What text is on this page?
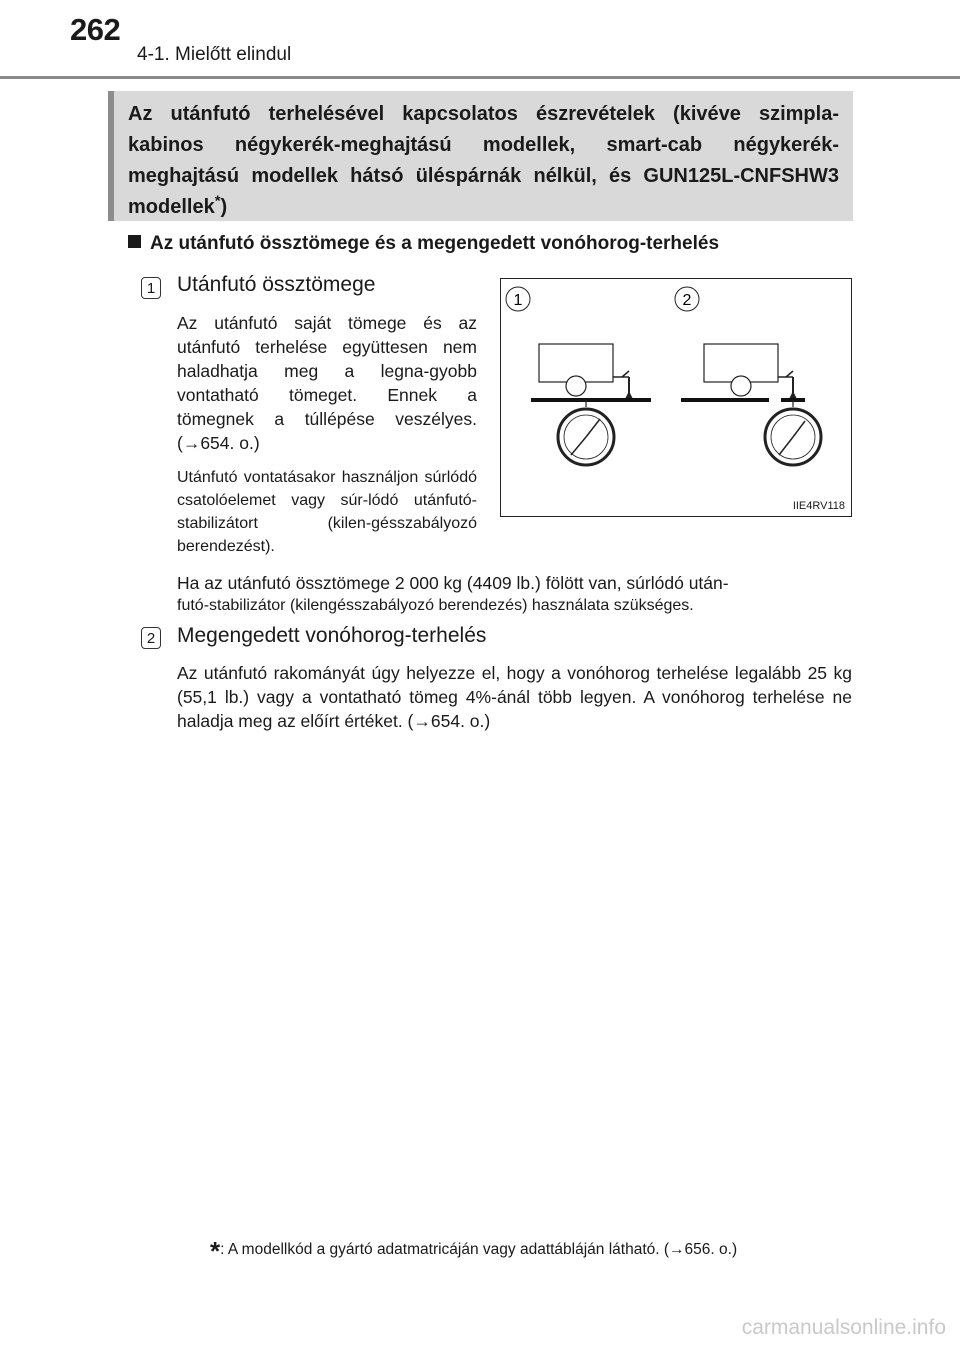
262
4-1. Mielőtt elindul
Az utánfutó terhelésével kapcsolatos észrevételek (kivéve szimpla-kabinos négykerék-meghajtású modellek, smart-cab négykerék-meghajtású modellek hátsó üléspárnák nélkül, és GUN125L-CNFSHW3 modellek*)
Az utánfutó össztömege és a megengedett vonóhorog-terhelés
1 Utánfutó össztömege
Az utánfutó saját tömege és az utánfutó terhelése együttesen nem haladhatja meg a legna-gyobb vontatható tömeget. Ennek a tömegnek a túllépése veszélyes. (→654. o.)
Utánfutó vontatásakor használjon súrlódó csatolóelemet vagy súr-lódó utánfutó-stabilizátort (kilen-gésszabályozó berendezést).
Ha az utánfutó össztömege 2 000 kg (4409 lb.) fölött van, súrlódó után-
futó-stabilizátor (kilengésszabályozó berendezés) használata szükséges.
1	2
IIE4RV118
2 Megengedett vonóhorog-terhelés
Az utánfutó rakományát úgy helyezze el, hogy a vonóhorog terhelése legalább 25 kg (55,1 lb.) vagy a vontatható tömeg 4%-ánál több legyen. A vonóhorog terhelése ne haladja meg az előírt értéket. (→654. o.)
*: A modellkód a gyártó adatmatricáján vagy adattábláján látható. (→656. o.)
carmanualsonline.info
